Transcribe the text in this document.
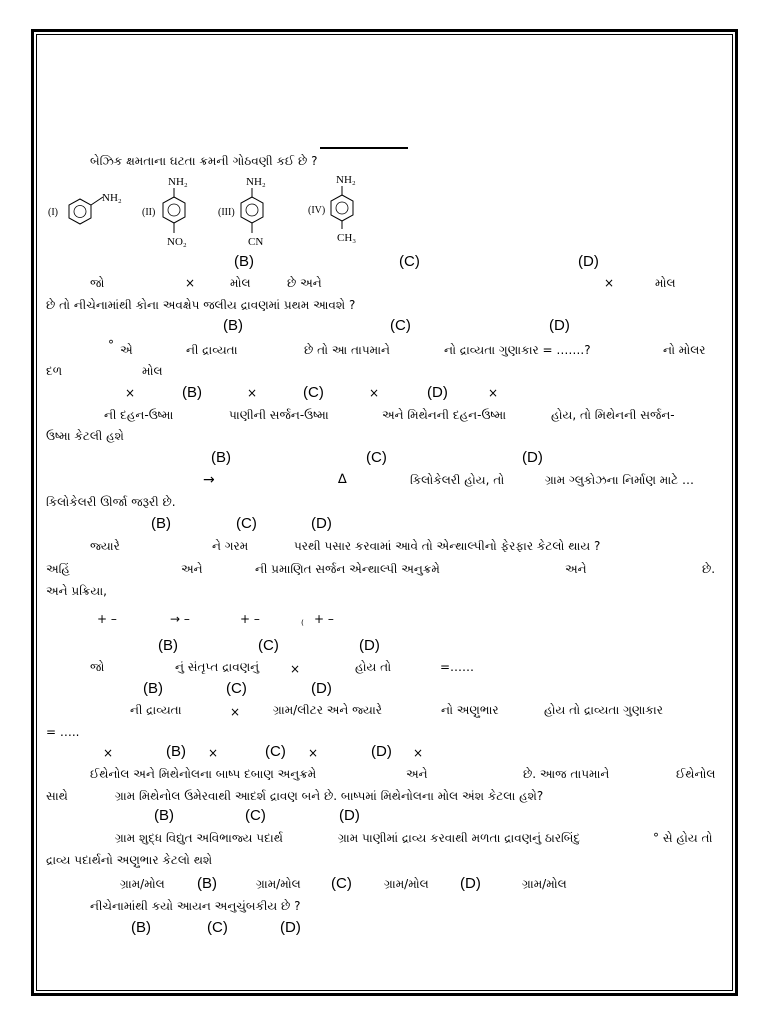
બેઝિક ક્ષમતાના ઘટતા ક્રમની ગોઠવણી કઈ છે ?
(I)
NH₂
(II)
NH₂
NO₂
(III)
NH₂
CN
(IV)
NH₂
CH₃
(B)	(C)	(D)
જો	×	મોલ	છે અને	×	મોલ
છે તો નીચેનામાંથી કોના અવક્ષેપ જલીય દ્રાવણમાં પ્રથમ આવશે ?
(B)	(C)	(D)
° એ	ની દ્રાવ્યતા	છે તો આ તાપમાને	નો દ્રાવ્યતા ગુણાકાર = …….?	નો મોલર
દળ	મોલ
×	(B)	×	(C)	×	(D)	×
ની દહન-ઉષ્મા	પાણીની સર્જન-ઉષ્મા	અને મિથેનની દહન-ઉષ્મા	હોય, તો મિથેનની સર્જન-
ઉષ્મા કેટલી હશે
(B)	(C)	(D)
→	∆	કિલોકેલરી હોય, તો	ગ્રામ ગ્લુકોઝના નિર્માણ માટે …
કિલોકેલરી ઊર્જા જરૂરી છે.
(B)	(C)	(D)
જ્યારે	ને ગરમ	પરથી પસાર કરવામાં આવે તો એન્થાલ્પીનો ફેરફાર કેટલો થાય ?
અહિં	અને	ની પ્રમાણિત સર્જન એન્થાલ્પી અનુક્રમે	અને	છે.
અને પ્રક્રિયા,
+ –	→ –	+ –	₍ + –
(B)	(C)	(D)
જો	નું સંતૃપ્ત દ્રાવણનું	×	હોય તો	=……
(B)	(C)	(D)
ની દ્રાવ્યતા	×	ગ્રામ/લીટર અને જ્યારે	નો અણુભાર	હોય તો દ્રાવ્યતા ગુણાકાર
= …..
×	(B) ×	(C) ×	(D) ×
ઈથેનોલ અને મિથેનોલના બાષ્પ દબાણ અનુક્રમે	અને	છે. આજ તાપમાને	ઈથેનોલ
સાથે	ગ્રામ મિથેનોલ ઉમેરવાથી આદર્શ દ્રાવણ બને છે. બાષ્પમાં મિથેનોલના મોલ અંશ કેટલા હશે?
(B)	(C)	(D)
ગ્રામ શુદ્ધ વિદ્યુત અવિભાજ્ય પદાર્થ	ગ્રામ પાણીમાં દ્રાવ્ય કરવાથી મળતા દ્રાવણનું ઠારબિંદુ	° સે હોય તો
દ્રાવ્ય પદાર્થનો અણુભાર કેટલો થશે
ગ્રામ/મોલ (B)	ગ્રામ/મોલ (C)	ગ્રામ/મોલ (D)	ગ્રામ/મોલ
નીચેનામાંથી કયો આયન અનુચુંબકીય છે ?
(B)	(C)	(D)
